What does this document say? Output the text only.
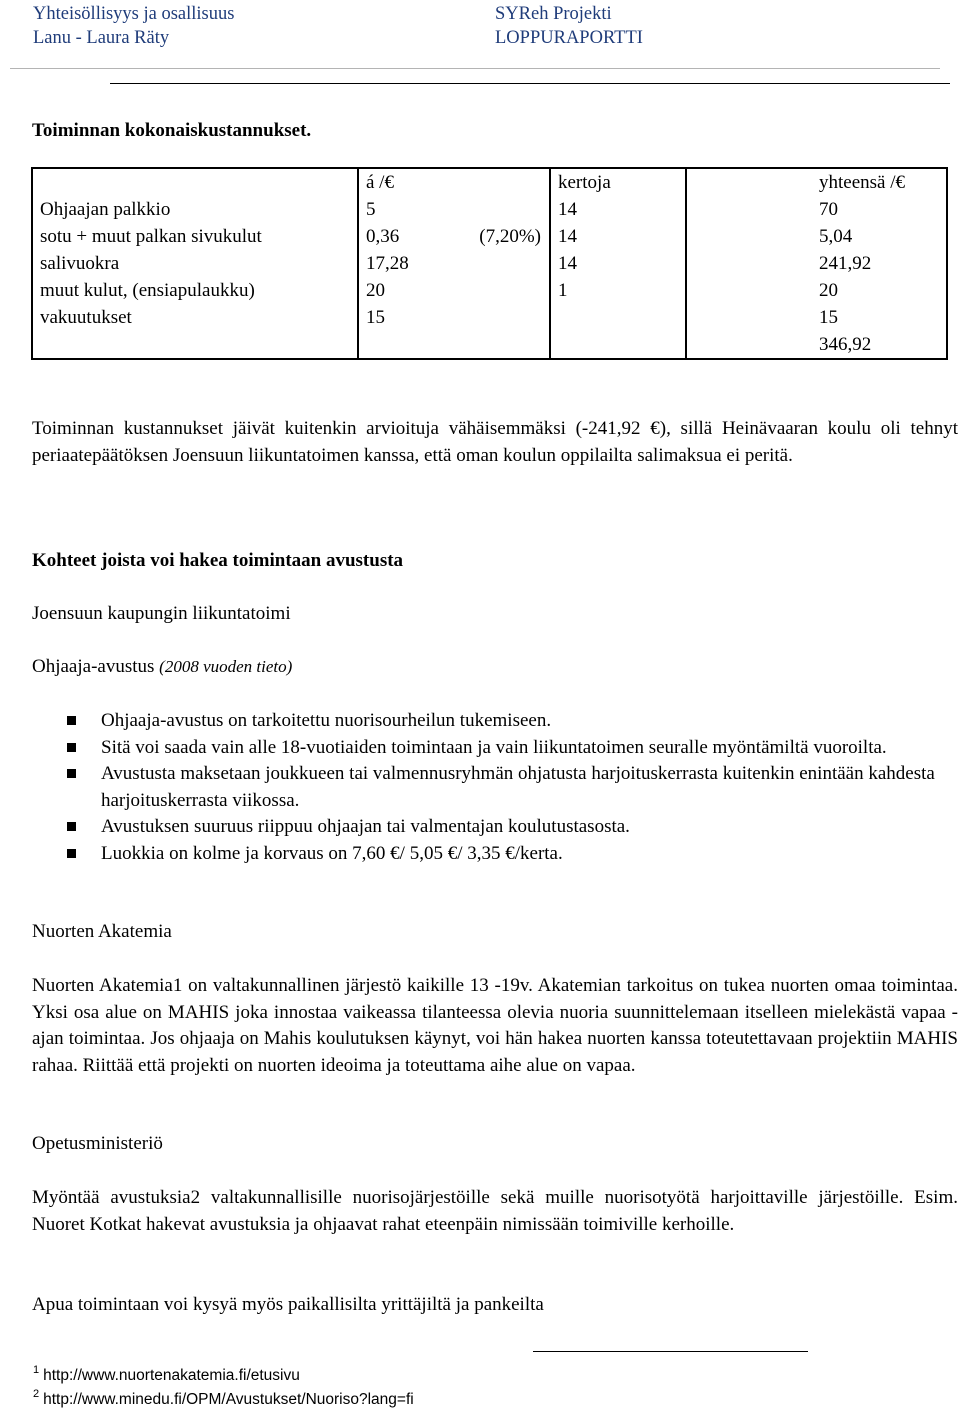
Yhteisöllisyys ja osallisuus
Lanu - Laura Räty
SYReh Projekti
LOPPURAPORTTI
Toiminnan kokonaiskustannukset.
	á /€		kertoja	yhteensä /€
Ohjaajan palkkio	5		14	70
sotu + muut palkan sivukulut	0,36	(7,20%)	14	5,04
salivuokra	17,28		14	241,92
muut kulut, (ensiapulaukku)	20		1	20
vakuutukset	15			15
				346,92

Toiminnan kustannukset jäivät kuitenkin arvioituja vähäisemmäksi (-241,92 €), sillä Heinävaaran koulu oli tehnyt periaatepäätöksen Joensuun liikuntatoimen kanssa, että oman koulun oppilailta salimaksua ei peritä.

Kohteet joista voi hakea toimintaan avustusta
Joensuun kaupungin liikuntatoimi
Ohjaaja-avustus (2008 vuoden tieto)
Ohjaaja-avustus on tarkoitettu nuorisourheilun tukemiseen.
Sitä voi saada vain alle 18-vuotiaiden toimintaan ja vain liikuntatoimen seuralle myöntämiltä vuoroilta.
Avustusta maksetaan joukkueen tai valmennusryhmän ohjatusta harjoituskerrasta kuitenkin enintään kahdesta harjoituskerrasta viikossa.
Avustuksen suuruus riippuu ohjaajan tai valmentajan koulutustasosta.
Luokkia on kolme ja korvaus on 7,60 €/ 5,05 €/ 3,35 €/kerta.
Nuorten Akatemia

Nuorten Akatemia1 on valtakunnallinen järjestö kaikille 13 -19v. Akatemian tarkoitus on tukea nuorten omaa toimintaa. Yksi osa alue on MAHIS joka innostaa vaikeassa tilanteessa olevia nuoria suunnittelemaan itselleen mielekästä vapaa -ajan toimintaa. Jos ohjaaja on Mahis koulutuksen käynyt, voi hän hakea nuorten kanssa toteutettavaan projektiin MAHIS rahaa. Riittää että projekti on nuorten ideoima ja toteuttama aihe alue on vapaa.

Opetusministeriö

Myöntää avustuksia2 valtakunnallisille nuorisojärjestöille sekä muille nuorisotyötä harjoittaville järjestöille. Esim. Nuoret Kotkat hakevat avustuksia ja ohjaavat rahat eteenpäin nimissään toimiville kerhoille.

Apua toimintaan voi kysyä myös paikallisilta yrittäjiltä ja pankeilta

$^1$ http://www.nuortenakatemia.fi/etusivu
$^2$ http://www.minedu.fi/OPM/Avustukset/Nuoriso?lang=fi
